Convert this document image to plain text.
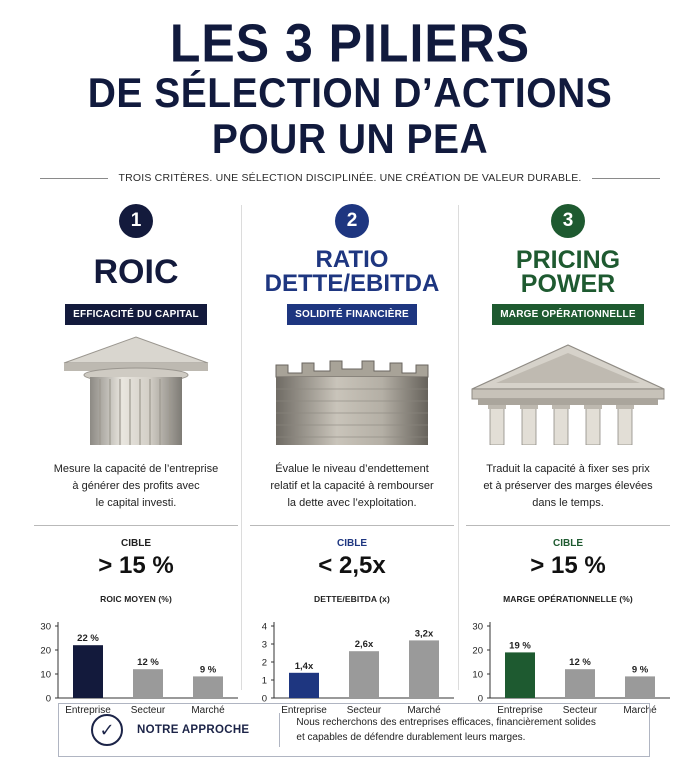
LES 3 PILIERS
DE SÉLECTION D’ACTIONS
POUR UN PEA
TROIS CRITÈRES. UNE SÉLECTION DISCIPLINÉE. UNE CRÉATION DE VALEUR DURABLE.
1
ROIC
EFFICACITÉ DU CAPITAL
Mesure la capacité de l’entreprise
à générer des profits avec
le capital investi.
CIBLE
> 15 %
ROIC MOYEN (%)
0
10
20
30
22 %
Entreprise
12 %
Secteur
9 %
Marché
2
RATIO
DETTE/EBITDA
SOLIDITÉ FINANCIÈRE
Évalue le niveau d’endettement
relatif et la capacité à rembourser
la dette avec l’exploitation.
CIBLE
< 2,5x
DETTE/EBITDA (x)
0
1
2
3
4
1,4x
Entreprise
2,6x
Secteur
3,2x
Marché
3
PRICING
POWER
MARGE OPÉRATIONNELLE
Traduit la capacité à fixer ses prix
et à préserver des marges élevées
dans le temps.
CIBLE
> 15 %
MARGE OPÉRATIONNELLE (%)
0
10
20
30
19 %
Entreprise
12 %
Secteur
9 %
Marché
✓	NOTRE APPROCHE
Nous recherchons des entreprises efficaces, financièrement solides
et capables de défendre durablement leurs marges.
